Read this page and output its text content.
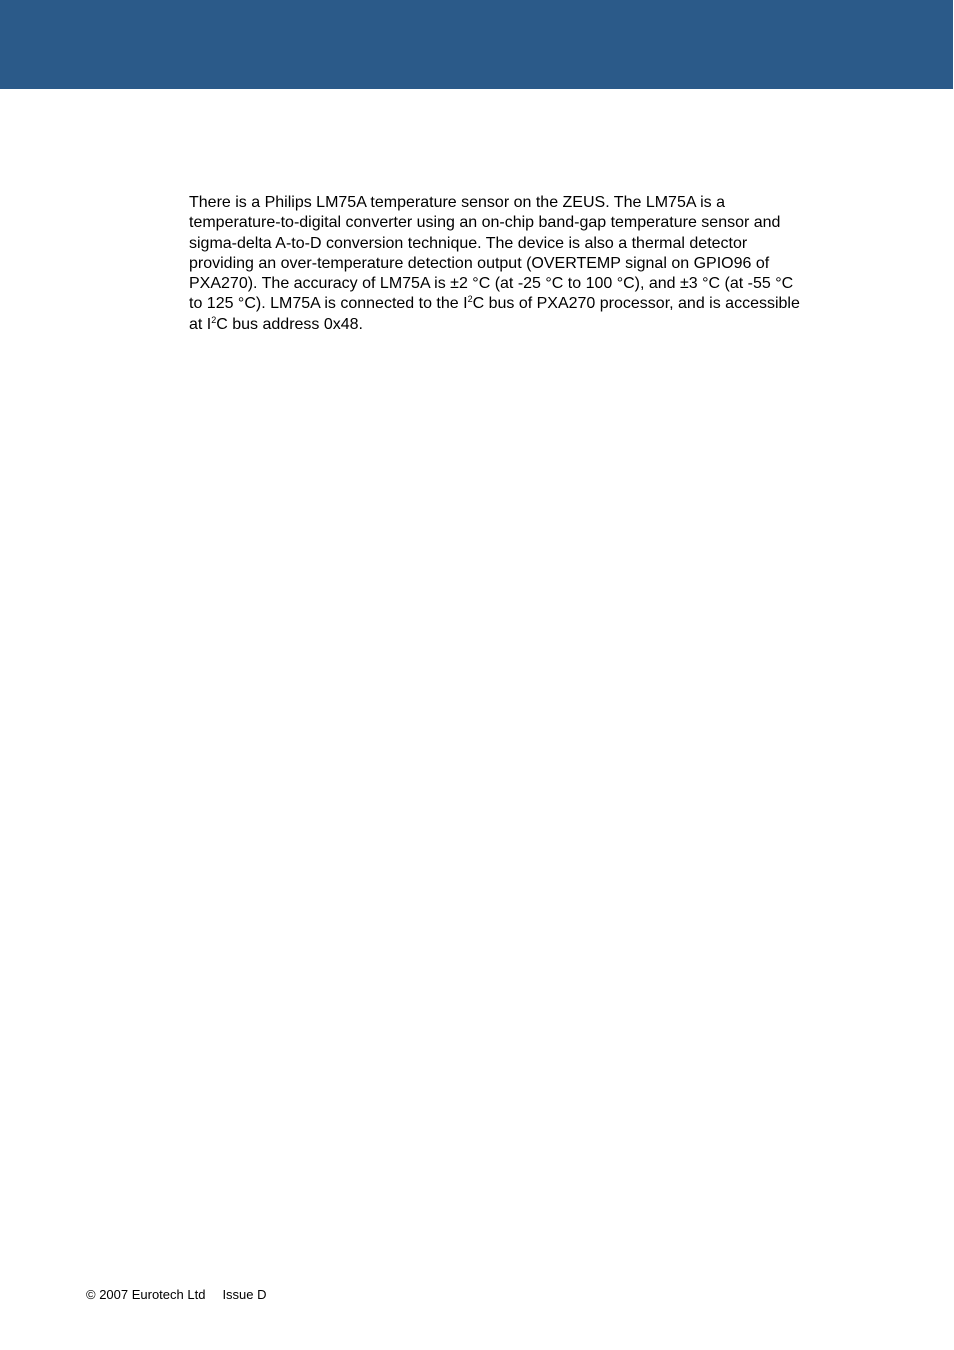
There is a Philips LM75A temperature sensor on the ZEUS. The LM75A is a
temperature-to-digital converter using an on-chip band-gap temperature sensor and
sigma-delta A-to-D conversion technique. The device is also a thermal detector
providing an over-temperature detection output (OVERTEMP signal on GPIO96 of
PXA270). The accuracy of LM75A is ±2 °C (at -25 °C to 100 °C), and ±3 °C (at -55 °C
to 125 °C). LM75A is connected to the $I^2C$ bus of PXA270 processor, and is accessible
at $I^2C$ bus address 0x48.

© 2007 Eurotech Ltd Issue D
